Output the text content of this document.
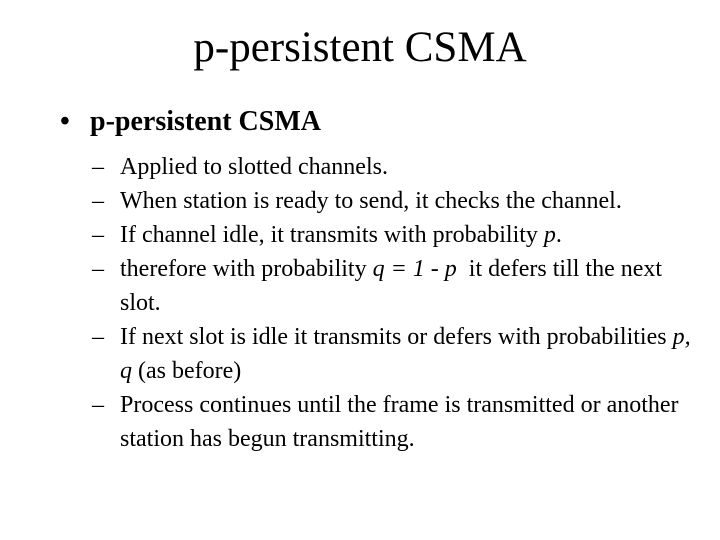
p-persistent CSMA
• p-persistent CSMA
– Applied to slotted channels.
– When station is ready to send, it checks the channel.
– If channel idle, it transmits with probability p.
– therefore with probability q = 1 - p  it defers till the next slot.
– If next slot is idle it transmits or defers with probabilities p, q (as before)
– Process continues until the frame is transmitted or another station has begun transmitting.
